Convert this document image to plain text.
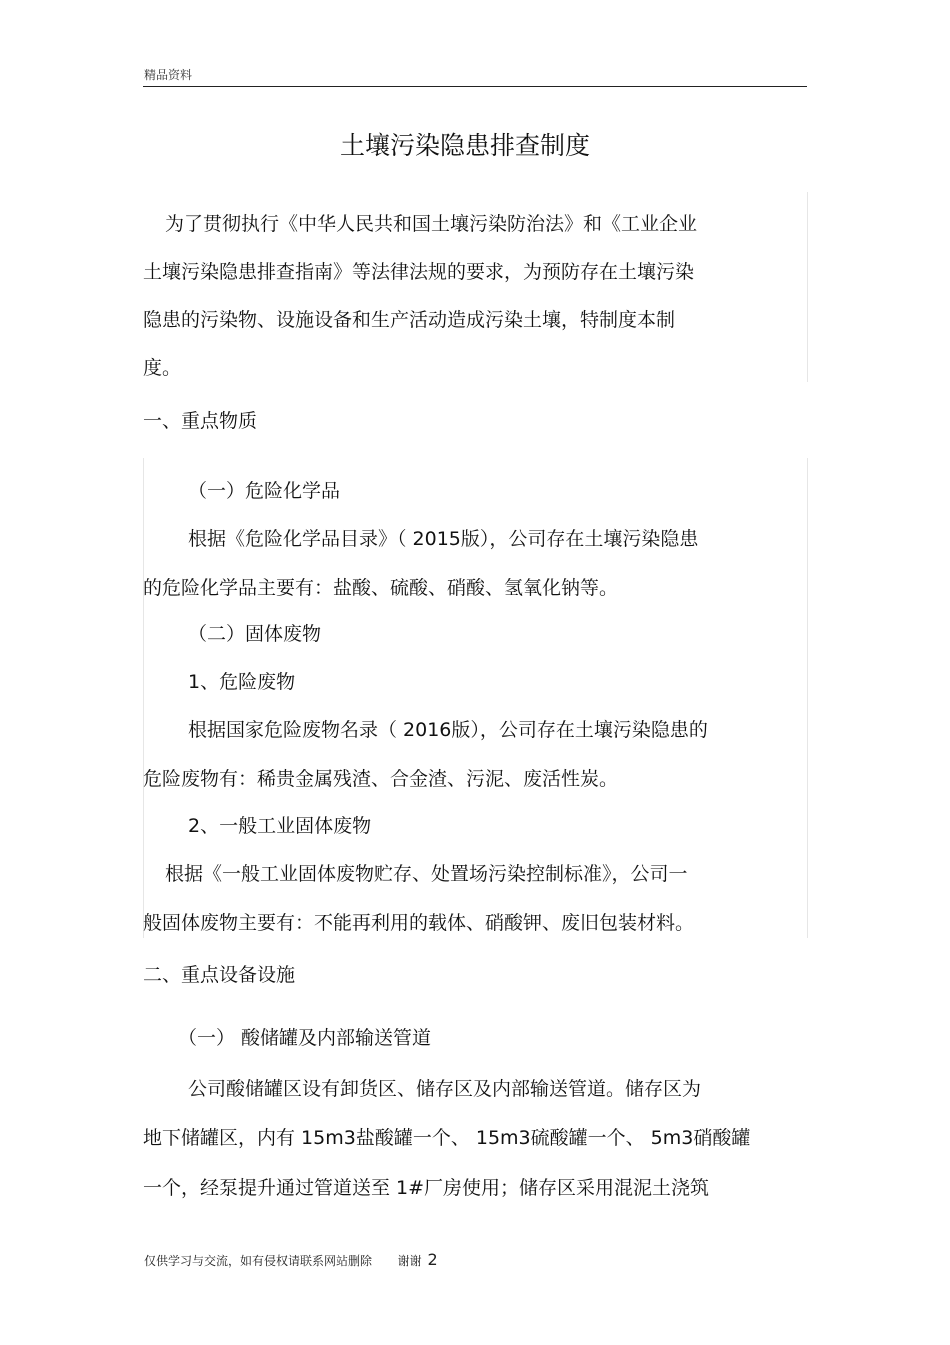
精品资料
土壤污染隐患排查制度
为了贯彻执行《中华人民共和国土壤污染防治法》和《工业企业
土壤污染隐患排查指南》等法律法规的要求，为预防存在土壤污染
隐患的污染物、设施设备和生产活动造成污染土壤，特制度本制
度。
一、重点物质
（一）危险化学品
根据《危险化学品目录》（ 2015版），公司存在土壤污染隐患
的危险化学品主要有：盐酸、硫酸、硝酸、氢氧化钠等。
（二）固体废物
1、危险废物
根据国家危险废物名录（ 2016版），公司存在土壤污染隐患的
危险废物有：稀贵金属残渣、合金渣、污泥、废活性炭。
2、一般工业固体废物
根据《一般工业固体废物贮存、处置场污染控制标准》，公司一
般固体废物主要有：不能再利用的载体、硝酸钾、废旧包装材料。
二、重点设备设施
（一） 酸储罐及内部输送管道
公司酸储罐区设有卸货区、储存区及内部输送管道。储存区为
地下储罐区，内有 15m3盐酸罐一个、 15m3硫酸罐一个、 5m3硝酸罐
一个，经泵提升通过管道送至 1#厂房使用；储存区采用混泥土浇筑
仅供学习与交流，如有侵权请联系网站删除 谢谢 2
